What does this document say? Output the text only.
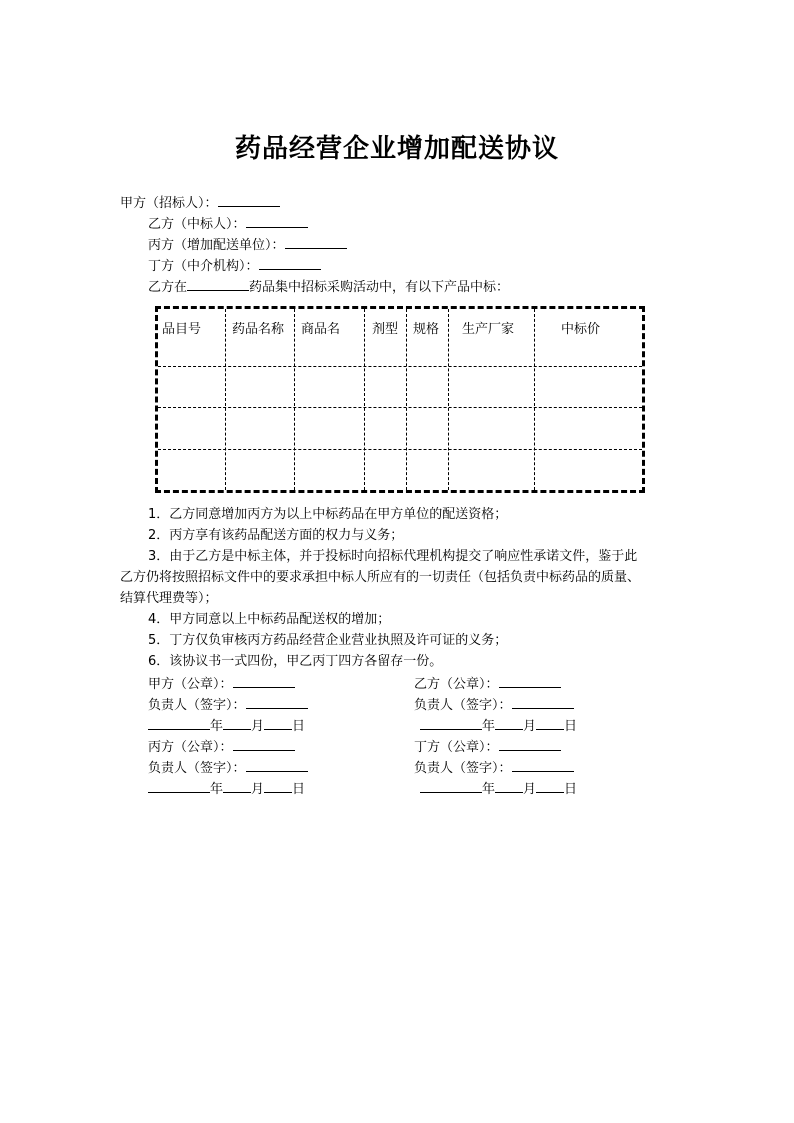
药品经营企业增加配送协议
甲方（招标人）：
乙方（中标人）：
丙方（增加配送单位）：
丁方（中介机构）：
乙方在	药品集中招标采购活动中，有以下产品中标：
品目号 药品名称 商品名 剂型 规格 生产厂家	中标价
1．乙方同意增加丙方为以上中标药品在甲方单位的配送资格；
2．丙方享有该药品配送方面的权力与义务；
3．由于乙方是中标主体，并于投标时向招标代理机构提交了响应性承诺文件，鉴于此
乙方仍将按照招标文件中的要求承担中标人所应有的一切责任（包括负责中标药品的质量、
结算代理费等）；
4．甲方同意以上中标药品配送权的增加；
5．丁方仅负审核丙方药品经营企业营业执照及许可证的义务；
6．该协议书一式四份，甲乙丙丁四方各留存一份。
甲方（公章）：
负责人（签字）：
年 月 日
丙方（公章）：
负责人（签字）：
年 月 日
乙方（公章）：
负责人（签字）：
年 月 日
丁方（公章）：
负责人（签字）：
年 月 日
